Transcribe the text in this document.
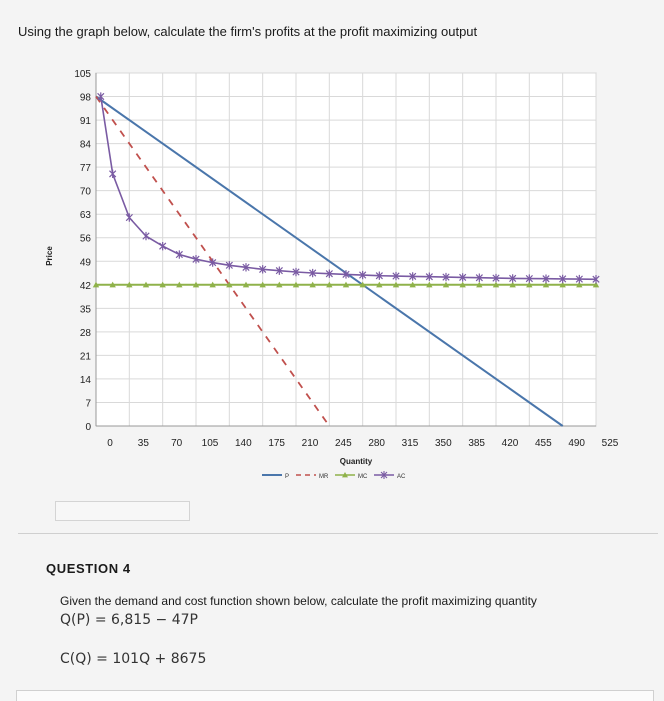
Using the graph below, calculate the firm's profits at the profit maximizing output
0 35 70 105 140 175 210 245 280 315 350 385 420 455 490 525
0
7
14
21
28
35
42
49
56
63
70
77
84
91
98
105
Quantity
Price
P	MR	MC	AC
QUESTION 4
Given the demand and cost function shown below, calculate the profit maximizing quantity
Q(P) = 6,815 − 47P
C(Q) = 101Q + 8675
